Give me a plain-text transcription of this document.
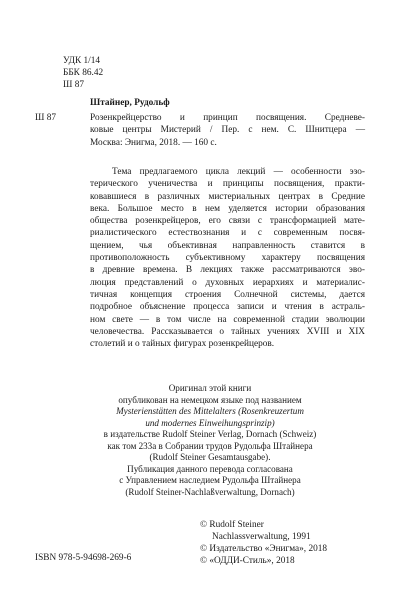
УДК 1/14
ББК 86.42
Ш 87
Ш 87
Штайнер, Рудольф
Розенкрейцерство и принцип посвящения. Средневе-
ковые центры Мистерий / Пер. с нем. С. Шнитцера —
Москва: Энигма, 2018. — 160 с.
Тема предлагаемого цикла лекций — особенности эзо-
терического ученичества и принципы посвящения, практи-
ковавшиеся в различных мистериальных центрах в Средние
века. Большое место в нем уделяется истории образования
общества розенкрейцеров, его связи с трансформацией мате-
риалистического естествознания и с современным посвя-
щением, чья объективная направленность ставится в
противоположность субъективному характеру посвящения
в древние времена. В лекциях также рассматриваются эво-
люция представлений о духовных иерархиях и материалис-
тичная концепция строения Солнечной системы, дается
подробное объяснение процесса записи и чтения в астраль-
ном свете — в том числе на современной стадии эволюции
человечества. Рассказывается о тайных учениях XVIII и XIX
столетий и о тайных фигурах розенкрейцеров.
Оригинал этой книги
опубликован на немецком языке под названием
Mysterienstätten des Mittelalters (Rosenkreuzertum
und modernes Einweihungsprinzip)
в издательстве Rudolf Steiner Verlag, Dornach (Schweiz)
как том 233а в Собрании трудов Рудольфа Штайнера
(Rudolf Steiner Gesamtausgabe).
Публикация данного перевода согласована
с Управлением наследием Рудольфа Штайнера
(Rudolf Steiner-Nachlaßverwaltung, Dornach)
ISBN 978-5-94698-269-6
© Rudolf Steiner
Nachlassverwaltung, 1991
© Издательство «Энигма», 2018
© «ОДДИ-Стиль», 2018
